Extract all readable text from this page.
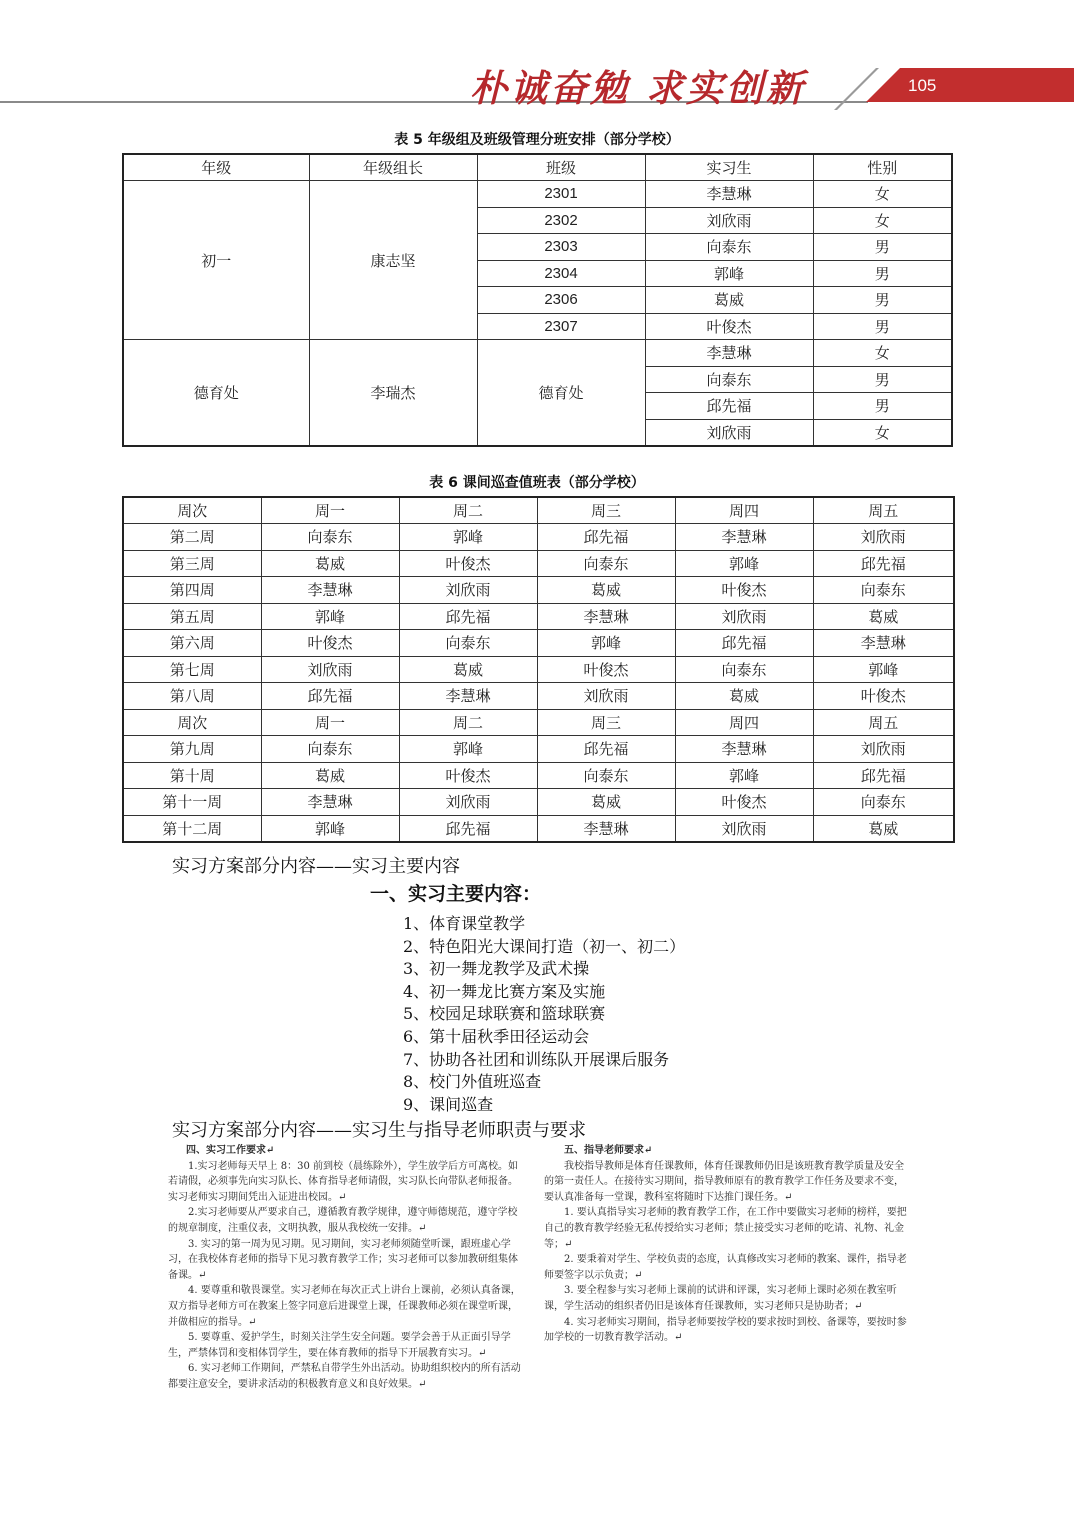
朴诚奋勉 求实创新	105
表 5 年级组及班级管理分班安排（部分学校）
年级	年级组长	班级	实习生	性别
初一	康志坚	2301	李慧琳	女
		2302	刘欣雨	女
		2303	向泰东	男
		2304	郭峰	男
		2306	葛威	男
		2307	叶俊杰	男
德育处	李瑞杰	德育处	李慧琳	女
			向泰东	男
			邱先福	男
			刘欣雨	女
表 6 课间巡查值班表（部分学校）
周次	周一	周二	周三	周四	周五
第二周	向泰东	郭峰	邱先福	李慧琳	刘欣雨
第三周	葛威	叶俊杰	向泰东	郭峰	邱先福
第四周	李慧琳	刘欣雨	葛威	叶俊杰	向泰东
第五周	郭峰	邱先福	李慧琳	刘欣雨	葛威
第六周	叶俊杰	向泰东	郭峰	邱先福	李慧琳
第七周	刘欣雨	葛威	叶俊杰	向泰东	郭峰
第八周	邱先福	李慧琳	刘欣雨	葛威	叶俊杰
周次	周一	周二	周三	周四	周五
第九周	向泰东	郭峰	邱先福	李慧琳	刘欣雨
第十周	葛威	叶俊杰	向泰东	郭峰	邱先福
第十一周	李慧琳	刘欣雨	葛威	叶俊杰	向泰东
第十二周	郭峰	邱先福	李慧琳	刘欣雨	葛威
实习方案部分内容——实习主要内容
一、实习主要内容：
1、体育课堂教学
2、特色阳光大课间打造（初一、初二）
3、初一舞龙教学及武术操
4、初一舞龙比赛方案及实施
5、校园足球联赛和篮球联赛
6、第十届秋季田径运动会
7、协助各社团和训练队开展课后服务
8、校门外值班巡查
9、课间巡查
实习方案部分内容——实习生与指导老师职责与要求

四、实习工作要求↵

1.实习老师每天早上 8：30 前到校（晨练除外），学生放学后方可离校。如若请假，必须事先向实习队长、体育指导老师请假，实习队长向带队老师报备。实习老师实习期间凭出入证进出校园。↵

2.实习老师要从严要求自己，遵循教育教学规律，遵守师德规范，遵守学校的规章制度，注重仪表，文明执教，服从我校统一安排。↵

3. 实习的第一周为见习期。见习期间，实习老师须随堂听课，跟班虚心学习，在我校体育老师的指导下见习教育教学工作；实习老师可以参加教研组集体备课。↵

4. 要尊重和敬畏课堂。实习老师在每次正式上讲台上课前，必须认真备课，双方指导老师方可在教案上签字同意后进课堂上课，任课教师必须在课堂听课，并做相应的指导。↵

5. 要尊重、爱护学生，时刻关注学生安全问题。要学会善于从正面引导学生，严禁体罚和变相体罚学生，要在体育教师的指导下开展教育实习。↵

6. 实习老师工作期间，严禁私自带学生外出活动。协助组织校内的所有活动都要注意安全，要讲求活动的积极教育意义和良好效果。↵

五、指导老师要求↵

我校指导教师是体育任课教师，体育任课教师仍旧是该班教育教学质量及安全的第一责任人。在接待实习期间，指导教师原有的教育教学工作任务及要求不变，要认真准备每一堂课，教科室将随时下达推门课任务。↵

1. 要认真指导实习老师的教育教学工作，在工作中要做实习老师的榜样，要把自己的教育教学经验无私传授给实习老师；禁止接受实习老师的吃请、礼物、礼金等；↵

2. 要秉着对学生、学校负责的态度，认真修改实习老师的教案、课件，指导老师要签字以示负责；↵

3. 要全程参与实习老师上课前的试讲和评课，实习老师上课时必须在教室听课，学生活动的组织者仍旧是该体育任课教师，实习老师只是协助者；↵

4. 实习老师实习期间，指导老师要按学校的要求按时到校、备课等，要按时参加学校的一切教育教学活动。↵
